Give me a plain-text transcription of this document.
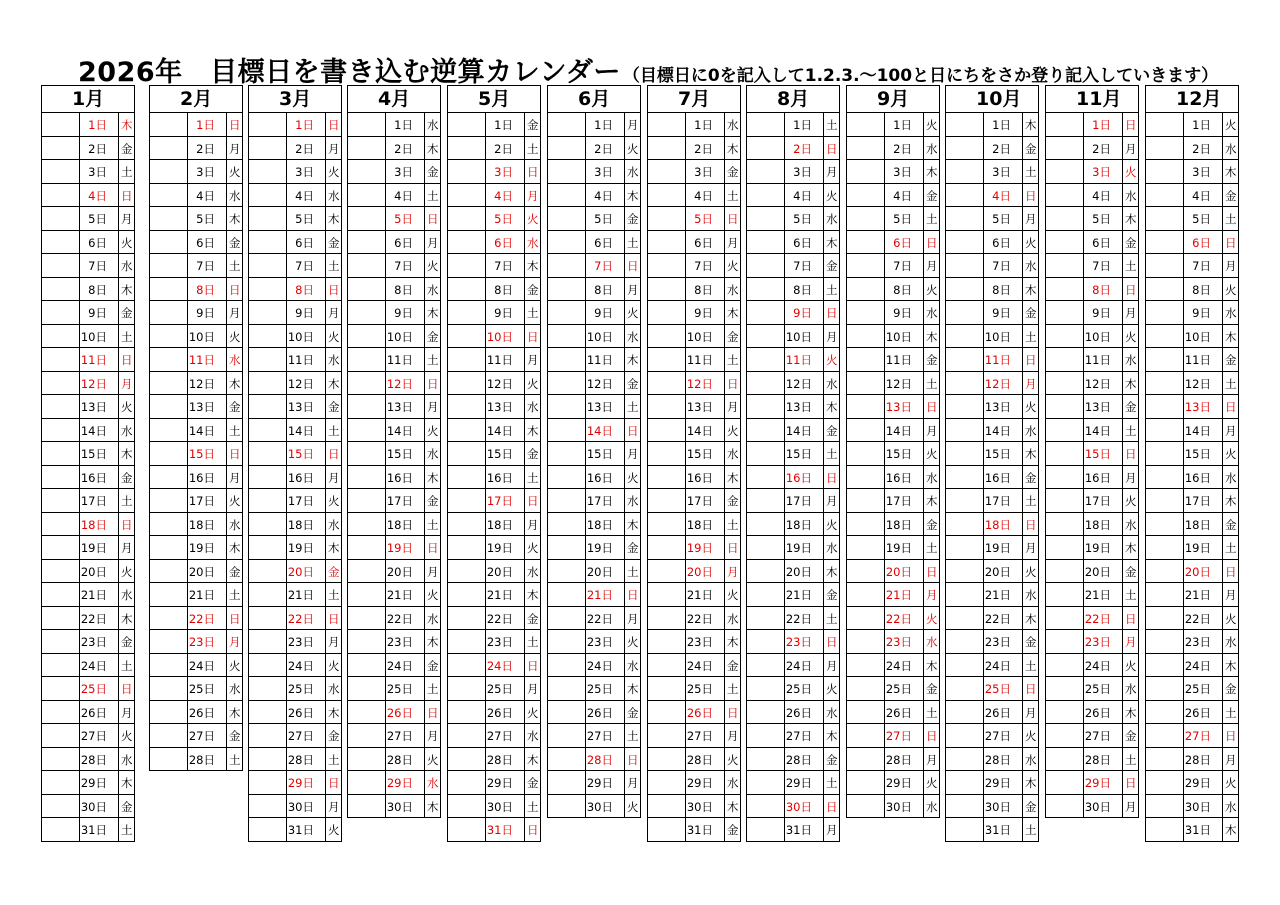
2026年　目標日を書き込む逆算カレンダー （目標日に0を記入して1.2.3.～100と日にちをさか登り記入していきます）
1月
1日 木
2日 金
3日 土
4日 日
5日 月
6日 火
7日 水
8日 木
9日 金
10日 土
11日 日
12日 月
13日 火
14日 水
15日 木
16日 金
17日 土
18日 日
19日 月
20日 火
21日 水
22日 木
23日 金
24日 土
25日 日
26日 月
27日 火
28日 水
29日 木
30日 金
31日 土
2月
1日 日
2日 月
3日 火
4日 水
5日 木
6日 金
7日 土
8日 日
9日 月
10日 火
11日 水
12日 木
13日 金
14日 土
15日 日
16日 月
17日 火
18日 水
19日 木
20日 金
21日 土
22日 日
23日 月
24日 火
25日 水
26日 木
27日 金
28日 土
3月
1日 日
2日 月
3日 火
4日 水
5日 木
6日 金
7日 土
8日 日
9日 月
10日 火
11日 水
12日 木
13日 金
14日 土
15日 日
16日 月
17日 火
18日 水
19日 木
20日 金
21日 土
22日 日
23日 月
24日 火
25日 水
26日 木
27日 金
28日 土
29日 日
30日 月
31日 火
4月
1日 水
2日 木
3日 金
4日 土
5日 日
6日 月
7日 火
8日 水
9日 木
10日 金
11日 土
12日 日
13日 月
14日 火
15日 水
16日 木
17日 金
18日 土
19日 日
20日 月
21日 火
22日 水
23日 木
24日 金
25日 土
26日 日
27日 月
28日 火
29日 水
30日 木
5月
1日 金
2日 土
3日 日
4日 月
5日 火
6日 水
7日 木
8日 金
9日 土
10日 日
11日 月
12日 火
13日 水
14日 木
15日 金
16日 土
17日 日
18日 月
19日 火
20日 水
21日 木
22日 金
23日 土
24日 日
25日 月
26日 火
27日 水
28日 木
29日 金
30日 土
31日 日
6月
1日 月
2日 火
3日 水
4日 木
5日 金
6日 土
7日 日
8日 月
9日 火
10日 水
11日 木
12日 金
13日 土
14日 日
15日 月
16日 火
17日 水
18日 木
19日 金
20日 土
21日 日
22日 月
23日 火
24日 水
25日 木
26日 金
27日 土
28日 日
29日 月
30日 火
7月
1日 水
2日 木
3日 金
4日 土
5日 日
6日 月
7日 火
8日 水
9日 木
10日 金
11日 土
12日 日
13日 月
14日 火
15日 水
16日 木
17日 金
18日 土
19日 日
20日 月
21日 火
22日 水
23日 木
24日 金
25日 土
26日 日
27日 月
28日 火
29日 水
30日 木
31日 金
8月
1日 土
2日 日
3日 月
4日 火
5日 水
6日 木
7日 金
8日 土
9日 日
10日 月
11日 火
12日 水
13日 木
14日 金
15日 土
16日 日
17日 月
18日 火
19日 水
20日 木
21日 金
22日 土
23日 日
24日 月
25日 火
26日 水
27日 木
28日 金
29日 土
30日 日
31日 月
9月
1日 火
2日 水
3日 木
4日 金
5日 土
6日 日
7日 月
8日 火
9日 水
10日 木
11日 金
12日 土
13日 日
14日 月
15日 火
16日 水
17日 木
18日 金
19日 土
20日 日
21日 月
22日 火
23日 水
24日 木
25日 金
26日 土
27日 日
28日 月
29日 火
30日 水
10月
1日 木
2日 金
3日 土
4日 日
5日 月
6日 火
7日 水
8日 木
9日 金
10日 土
11日 日
12日 月
13日 火
14日 水
15日 木
16日 金
17日 土
18日 日
19日 月
20日 火
21日 水
22日 木
23日 金
24日 土
25日 日
26日 月
27日 火
28日 水
29日 木
30日 金
31日 土
11月
1日 日
2日 月
3日 火
4日 水
5日 木
6日 金
7日 土
8日 日
9日 月
10日 火
11日 水
12日 木
13日 金
14日 土
15日 日
16日 月
17日 火
18日 水
19日 木
20日 金
21日 土
22日 日
23日 月
24日 火
25日 水
26日 木
27日 金
28日 土
29日 日
30日 月
12月
1日 火
2日 水
3日 木
4日 金
5日 土
6日 日
7日 月
8日 火
9日 水
10日 木
11日 金
12日 土
13日 日
14日 月
15日 火
16日 水
17日 木
18日 金
19日 土
20日 日
21日 月
22日 火
23日 水
24日 木
25日 金
26日 土
27日 日
28日 月
29日 火
30日 水
31日 木
